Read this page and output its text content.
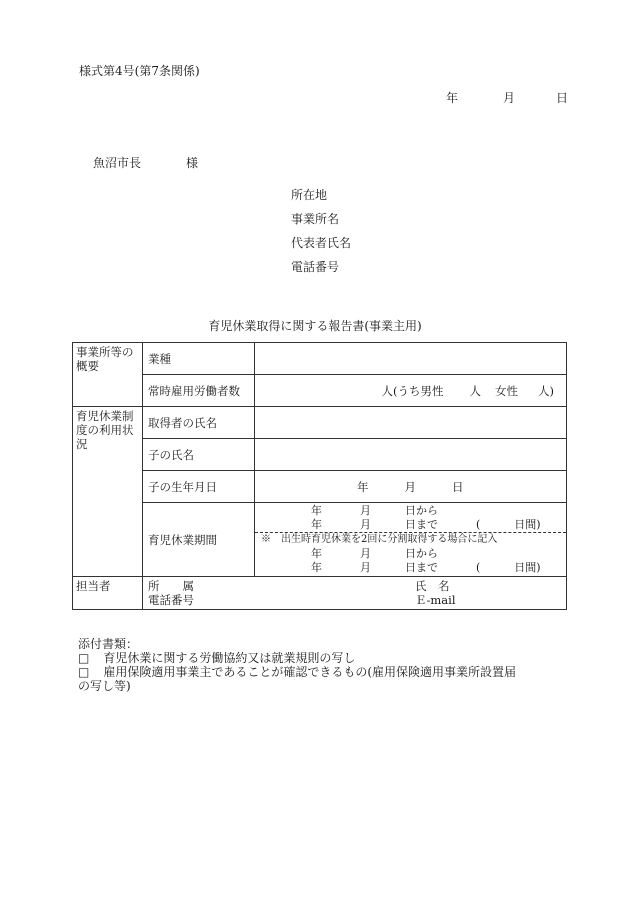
様式第4号(第7条関係)
年	月	日
魚沼市長	様
所在地
事業所名
代表者氏名
電話番号
育児休業取得に関する報告書(事業主用)
事業所等の概要	業種	
	常時雇用労働者数	人(うち男性 人 女性 人)

育児休業制度の利用状況	取得者の氏名	
	子の氏名	
	子の生年月日	年 月 日
	育児休業期間	年 月 日から
年 月 日まで ( 日間)
※　出生時育児休業を2回に分割取得する場合に記入
年 月 日から
年 月 日まで ( 日間)

担当者	所　　属 氏　名
電話番号 Ｅ-mail	
添付書類：
□ 育児休業に関する労働協約又は就業規則の写し
□ 雇用保険適用事業主であることが確認できるもの(雇用保険適用事業所設置届
の写し等)
